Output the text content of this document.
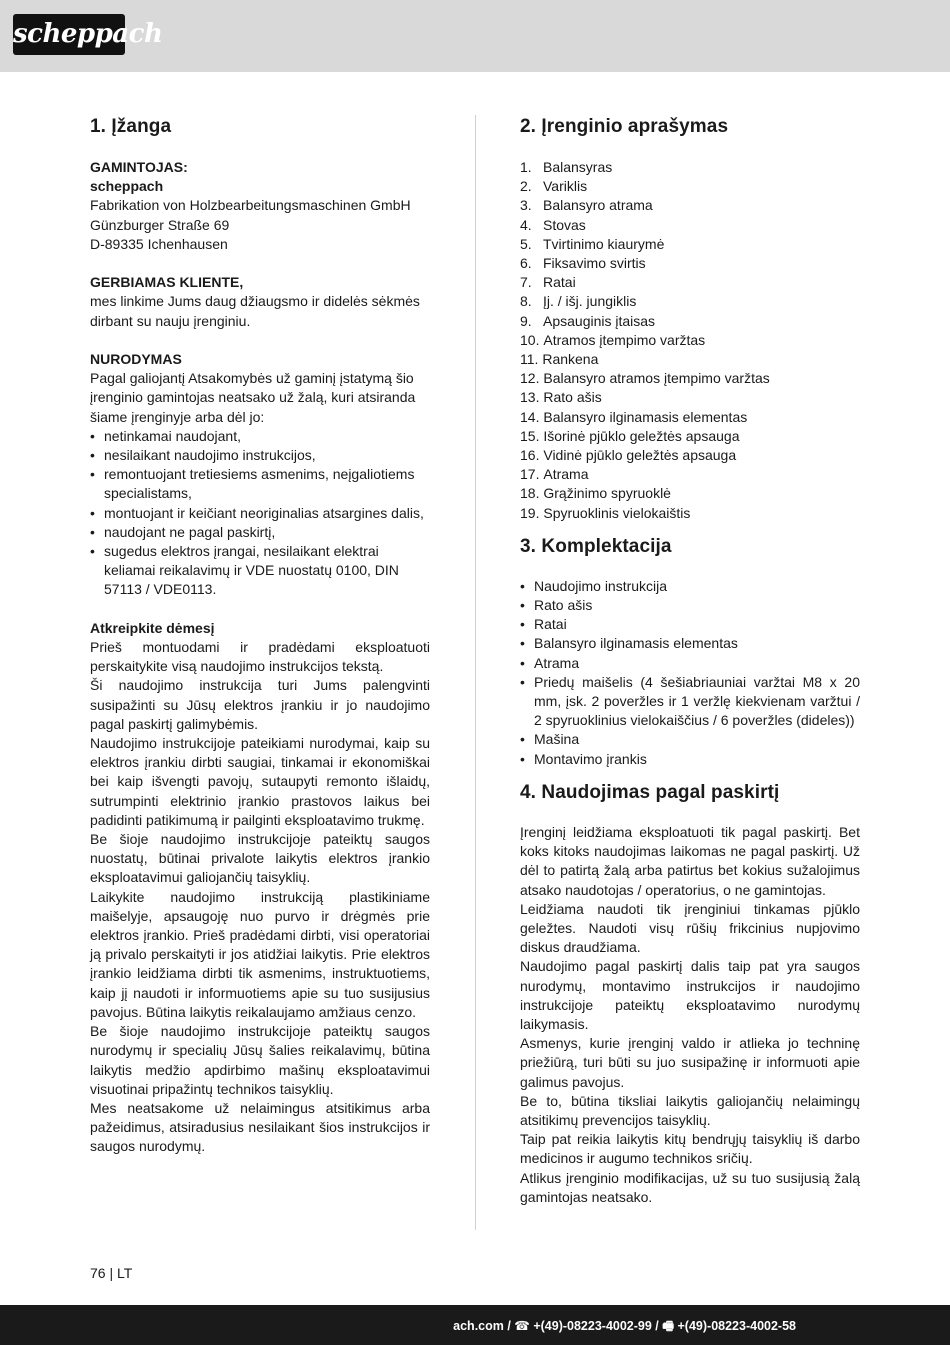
scheppach
1. Įžanga
GAMINTOJAS:
scheppach
Fabrikation von Holzbearbeitungsmaschinen GmbH
Günzburger Straße 69
D-89335 Ichenhausen
GERBIAMAS KLIENTE,
mes linkime Jums daug džiaugsmo ir didelės sėkmės dirbant su nauju įrenginiu.
NURODYMAS
Pagal galiojantį Atsakomybės už gaminį įstatymą šio įrenginio gamintojas neatsako už žalą, kuri atsiranda šiame įrenginyje arba dėl jo:
• netinkamai naudojant,
• nesilaikant naudojimo instrukcijos,
• remontuojant tretiesiems asmenims, neįgaliotiems specialistams,
• montuojant ir keičiant neoriginalias atsargines dalis,
• naudojant ne pagal paskirtį,
• sugedus elektros įrangai, nesilaikant elektrai keliamai reikalavimų ir VDE nuostatų 0100, DIN 57113 / VDE0113.
Atkreipkite dėmesį
Prieš montuodami ir pradėdami eksploatuoti perskaitykite visą naudojimo instrukcijos tekstą.
Ši naudojimo instrukcija turi Jums palengvinti susipažinti su Jūsų elektros įrankiu ir jo naudojimo pagal paskirtį galimybėmis.
Naudojimo instrukcijoje pateikiami nurodymai, kaip su elektros įrankiu dirbti saugiai, tinkamai ir ekonomiškai bei kaip išvengti pavojų, sutaupyti remonto išlaidų, sutrumpinti elektrinio įrankio prastovos laikus bei padidinti patikimumą ir pailginti eksploatavimo trukmę.
Be šioje naudojimo instrukcijoje pateiktų saugos nuostatų, būtinai privalote laikytis elektros įrankio eksploatavimui galiojančių taisyklių.
Laikykite naudojimo instrukciją plastikiniame maišelyje, apsaugoję nuo purvo ir drėgmės prie elektros įrankio. Prieš pradėdami dirbti, visi operatoriai ją privalo perskaityti ir jos atidžiai laikytis. Prie elektros įrankio leidžiama dirbti tik asmenims, instruktuotiems, kaip jį naudoti ir informuotiems apie su tuo susijusius pavojus. Būtina laikytis reikalaujamo amžiaus cenzo.
Be šioje naudojimo instrukcijoje pateiktų saugos nurodymų ir specialių Jūsų šalies reikalavimų, būtina laikytis medžio apdirbimo mašinų eksploatavimui visuotinai pripažintų technikos taisyklių.
Mes neatsakome už nelaimingus atsitikimus arba pažeidimus, atsiradusius nesilaikant šios instrukcijos ir saugos nurodymų.
2. Įrenginio aprašymas
1. Balansyras
2. Variklis
3. Balansyro atrama
4. Stovas
5. Tvirtinimo kiaurymė
6. Fiksavimo svirtis
7. Ratai
8. Įj. / išj. jungiklis
9. Apsauginis įtaisas
10.
Atramos įtempimo varžtas
11.
Rankena
12.
Balansyro atramos įtempimo varžtas
13.
Rato ašis
14.
Balansyro ilginamasis elementas
15.
Išorinė pjūklo geležtės apsauga
16.
Vidinė pjūklo geležtės apsauga
17.
Atrama
18.
Grąžinimo spyruoklė
19.
Spyruoklinis vielokaištis
3. Komplektacija
• Naudojimo instrukcija
• Rato ašis
• Ratai
• Balansyro ilginamasis elementas
• Atrama
• Priedų maišelis (4 šešiabriauniai varžtai M8 x 20 mm, įsk. 2 poveržles ir 1 veržlę kiekvienam varžtui / 2 spyruoklinius vielokaiščius / 6 poveržles (dideles))
• Mašina
• Montavimo įrankis
4. Naudojimas pagal paskirtį
Įrenginį leidžiama eksploatuoti tik pagal paskirtį. Bet koks kitoks naudojimas laikomas ne pagal paskirtį. Už dėl to patirtą žalą arba patirtus bet kokius sužalojimus atsako naudotojas / operatorius, o ne gamintojas.
Leidžiama naudoti tik įrenginiui tinkamas pjūklo geležtes. Naudoti visų rūšių frikcinius nupjovimo diskus draudžiama.
Naudojimo pagal paskirtį dalis taip pat yra saugos nurodymų, montavimo instrukcijos ir naudojimo instrukcijoje pateiktų eksploatavimo nurodymų laikymasis.
Asmenys, kurie įrenginį valdo ir atlieka jo techninę priežiūrą, turi būti su juo susipažinę ir informuoti apie galimus pavojus.
Be to, būtina tiksliai laikytis galiojančių nelaimingų atsitikimų prevencijos taisyklių.
Taip pat reikia laikytis kitų bendrųjų taisyklių iš darbo medicinos ir augumo technikos sričių.
Atlikus įrenginio modifikacijas, už su tuo susijusią žalą gamintojas neatsako.
76 | LT
ach.com / ☎ +(49)-08223-4002-99 / 🖷 +(49)-08223-4002-58
